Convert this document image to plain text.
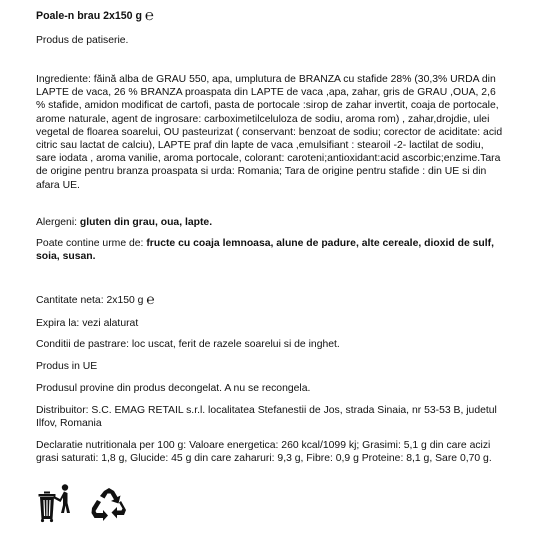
Poale-n brau 2x150 g ℮

Produs de patiserie.

Ingrediente: făină alba de GRAU 550, apa, umplutura de BRANZA cu stafide 28% (30,3% URDA din LAPTE de vaca, 26 % BRANZA proaspata din LAPTE de vaca ,apa, zahar, gris de GRAU ,OUA, 2,6 % stafide, amidon modificat de cartofi, pasta de portocale :sirop de zahar invertit, coaja de portocale, arome naturale, agent de ingrosare: carboximetilceluloza de sodiu, aroma rom) , zahar,drojdie, ulei vegetal de floarea soarelui, OU pasteurizat ( conservant: benzoat de sodiu; corector de aciditate: acid citric sau lactat de calciu), LAPTE praf din lapte de vaca ,emulsifiant : stearoil -2- lactilat de sodiu, sare iodata , aroma vanilie, aroma portocale, colorant: caroteni;antioxidant:acid ascorbic;enzime.Tara de origine pentru branza proaspata si urda: Romania; Tara de origine pentru stafide : din UE si din afara UE.

Alergeni: gluten din grau, oua, lapte.

Poate contine urme de: fructe cu coaja lemnoasa, alune de padure, alte cereale, dioxid de sulf, soia, susan.

Cantitate neta: 2x150 g ℮

Expira la: vezi alaturat

Conditii de pastrare: loc uscat, ferit de razele soarelui si de inghet.

Produs in UE

Produsul provine din produs decongelat. A nu se recongela.

Distribuitor: S.C. EMAG RETAIL s.r.l. localitatea Stefanestii de Jos, strada Sinaia, nr 53-53 B, judetul Ilfov, Romania

Declaratie nutritionala per 100 g: Valoare energetica: 260 kcal/1099 kj; Grasimi: 5,1 g din care acizi grasi saturati: 1,8 g, Glucide: 45 g din care zaharuri: 9,3 g, Fibre: 0,9 g Proteine: 8,1 g, Sare 0,70 g.
